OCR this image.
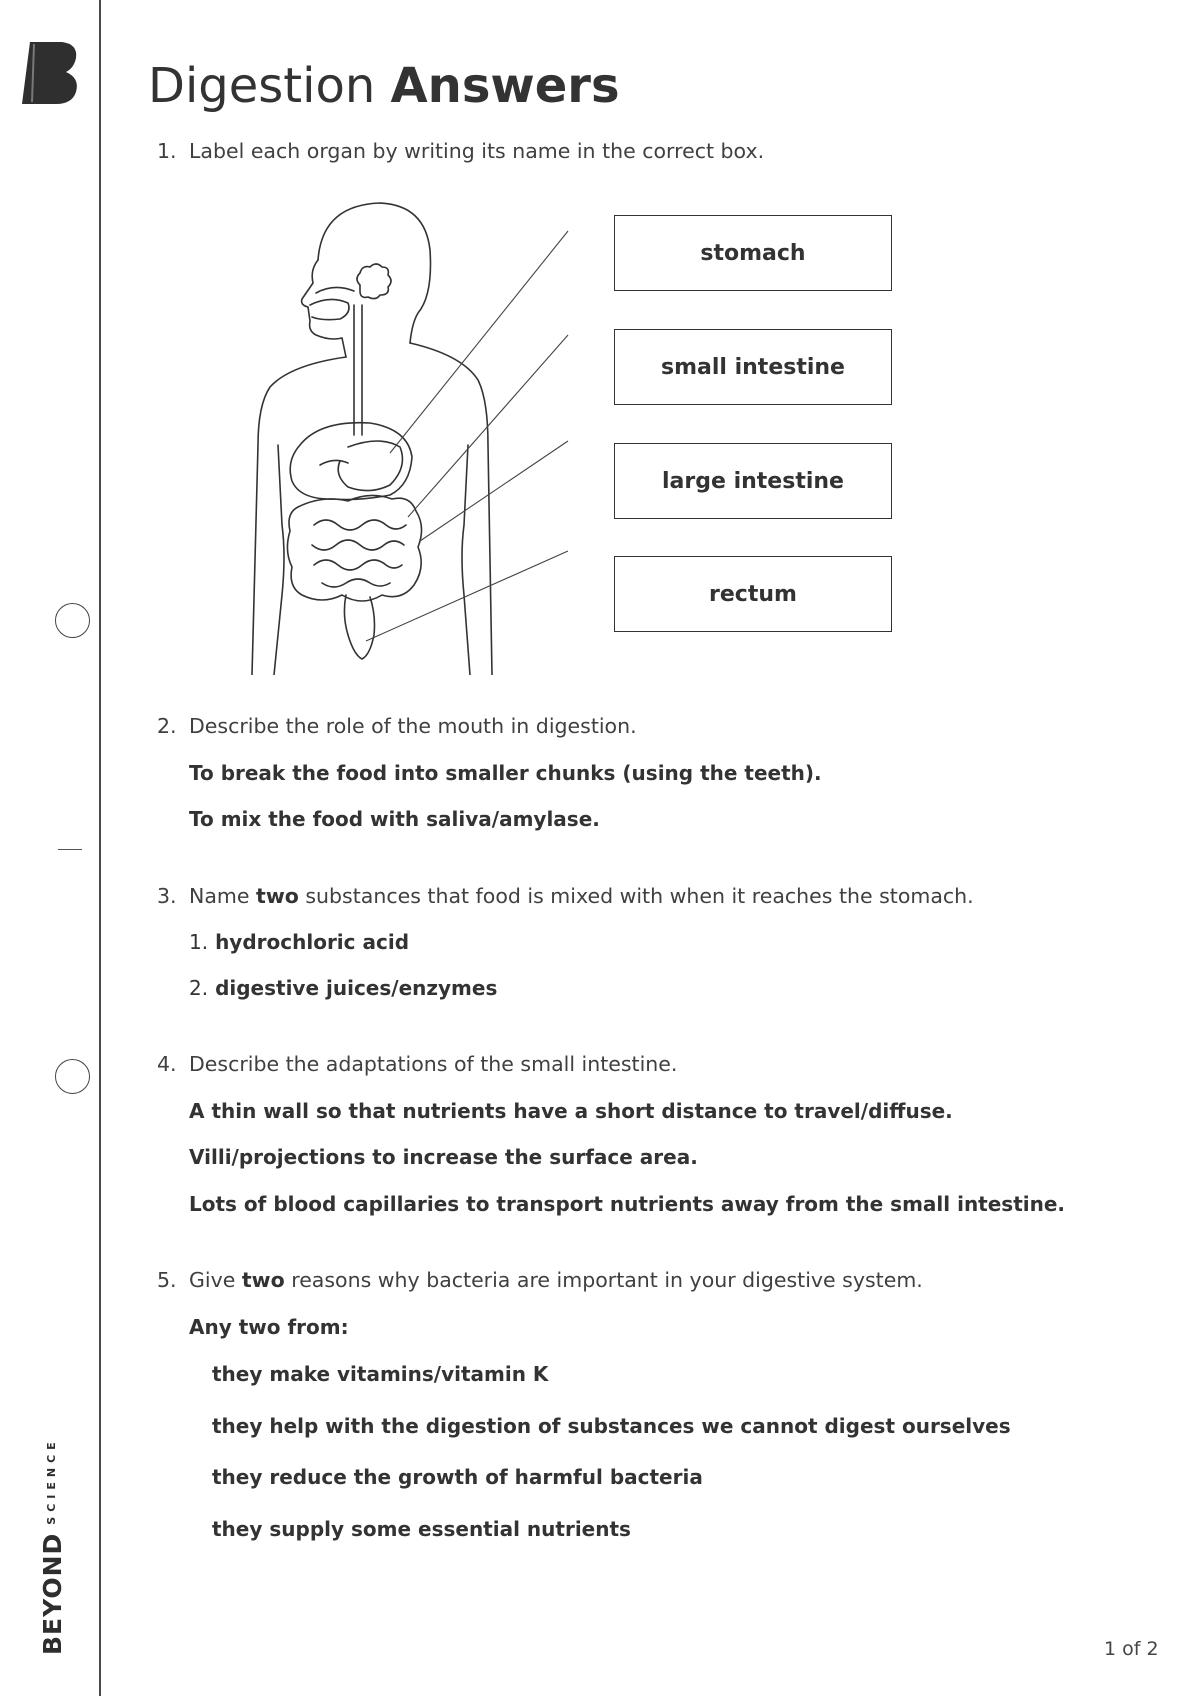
$BEYOND^{SCIENCE}$
Digestion Answers
1. Label each organ by writing its name in the correct box.
stomach
small intestine
large intestine
rectum
2. Describe the role of the mouth in digestion.
To break the food into smaller chunks (using the teeth).
To mix the food with saliva/amylase.
3. Name two substances that food is mixed with when it reaches the stomach.
1. hydrochloric acid
2. digestive juices/enzymes
4. Describe the adaptations of the small intestine.
A thin wall so that nutrients have a short distance to travel/diffuse.
Villi/projections to increase the surface area.
Lots of blood capillaries to transport nutrients away from the small intestine.
5. Give two reasons why bacteria are important in your digestive system.
Any two from:
they make vitamins/vitamin K
they help with the digestion of substances we cannot digest ourselves
they reduce the growth of harmful bacteria
they supply some essential nutrients
1 of 2
